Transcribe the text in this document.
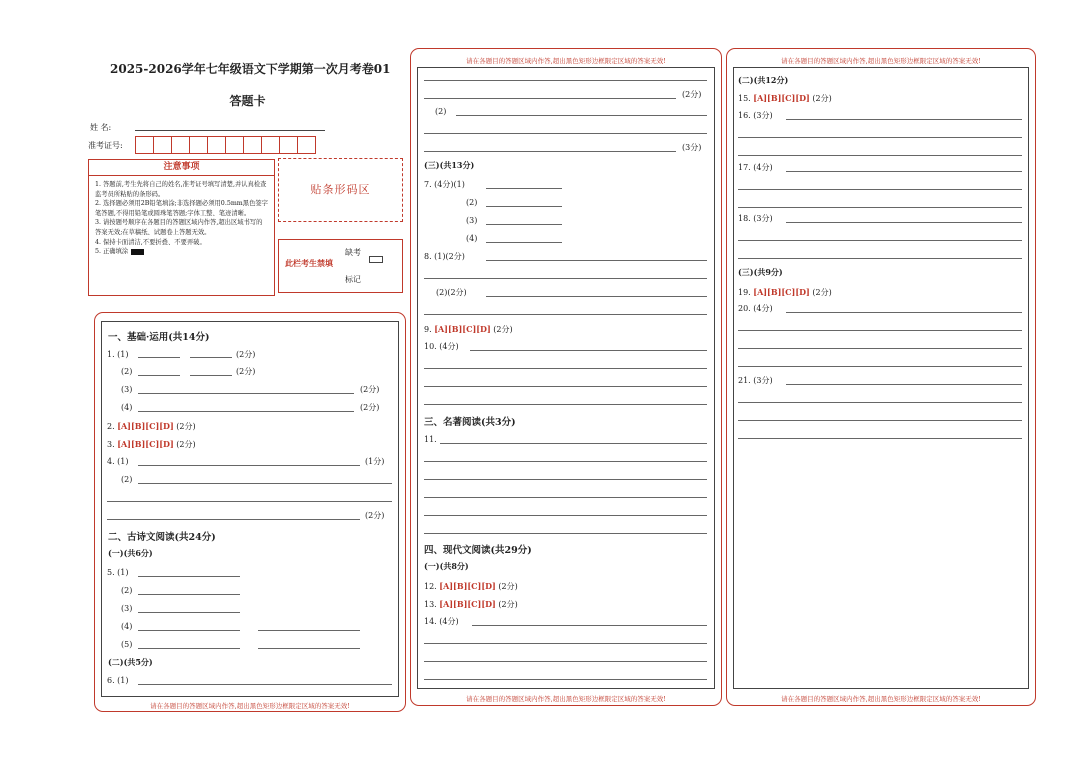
2025-2026学年七年级语文下学期第一次月考卷01
答题卡
姓 名:
准考证号:
注意事项
1. 答题前,考生先将自己的姓名,准考证号填写清楚,并认真检查监考员所粘贴的条形码。
2. 选择题必须用2B铅笔填涂;非选择题必须用0.5mm黑色签字笔答题,不得用铅笔或圆珠笔答题;字体工整、笔迹清晰。
3. 请按题号顺序在各题目的答题区域内作答,超出区域书写的答案无效;在草稿纸、试题卷上答题无效。
4. 保持卡面清洁,不要折叠、不要弄破。
5. 正确填涂
贴条形码区
此栏考生禁填
缺考
标记
请在各题目的答题区域内作答,超出黑色矩形边框限定区域的答案无效!
一、基础·运用(共14分)
1. (1)	(2分)
(2)	(2分)
(3)	(2分)
(4)	(2分)
2. [A][B][C][D] (2分)
3. [A][B][C][D] (2分)
4. (1)	(1分)
(2)
(2分)
二、古诗文阅读(共24分)
(一)(共6分)
5. (1)
(2)
(3)
(4)
(5)
(二)(共5分)
6. (1)
请在各题目的答题区域内作答,超出黑色矩形边框限定区域的答案无效!
请在各题目的答题区域内作答,超出黑色矩形边框限定区域的答案无效!
(2分)
(2)
(3分)
(三)(共13分)
7. (4分)(1)
(2)
(3)
(4)
8. (1)(2分)
(2)(2分)
9. [A][B][C][D] (2分)
10. (4分)
三、名著阅读(共3分)
11.
四、现代文阅读(共29分)
(一)(共8分)
12. [A][B][C][D] (2分)
13. [A][B][C][D] (2分)
14. (4分)
请在各题目的答题区域内作答,超出黑色矩形边框限定区域的答案无效!
请在各题目的答题区域内作答,超出黑色矩形边框限定区域的答案无效!
(二)(共12分)
15. [A][B][C][D] (2分)
16. (3分)
17. (4分)
18. (3分)
(三)(共9分)
19. [A][B][C][D] (2分)
20. (4分)
21. (3分)
